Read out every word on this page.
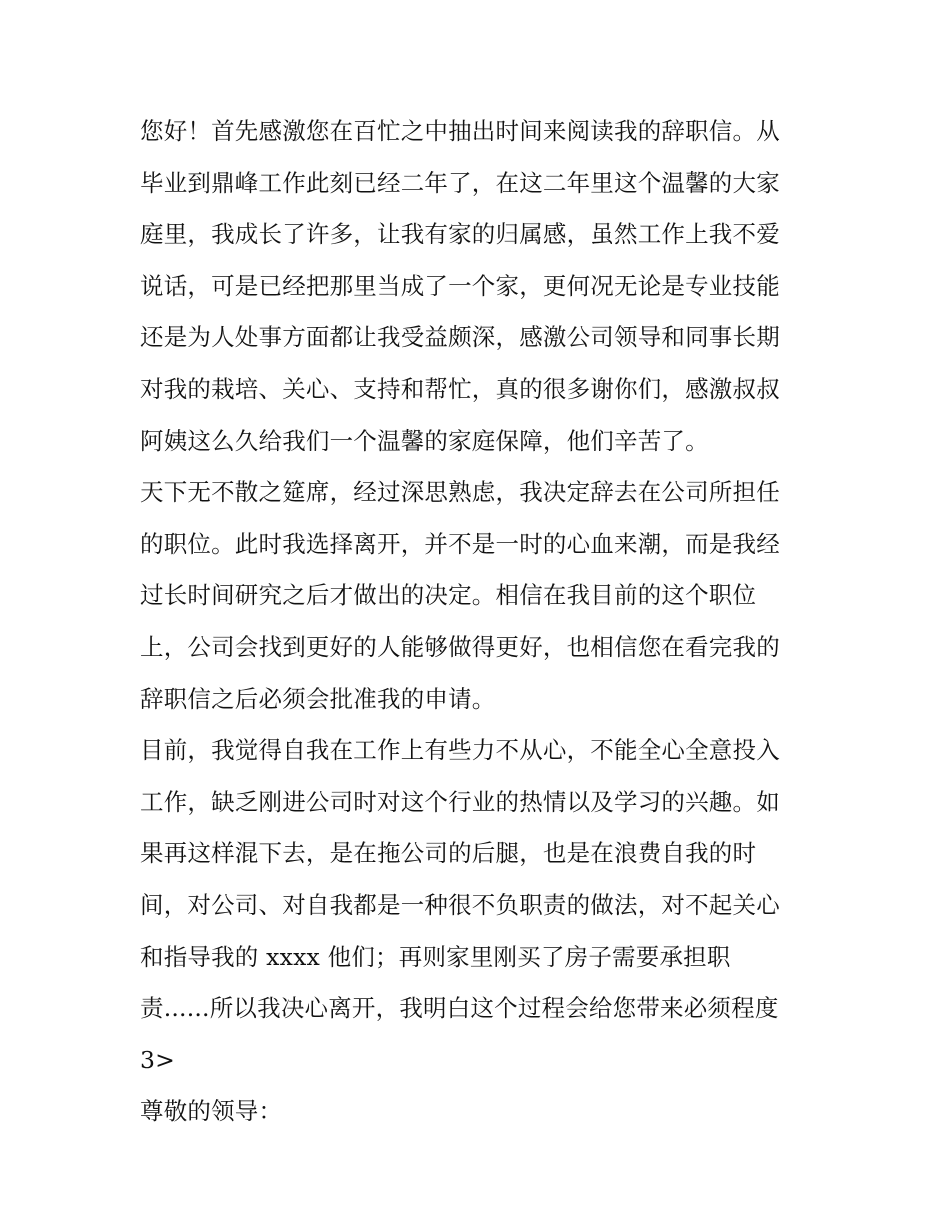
您好！首先感激您在百忙之中抽出时间来阅读我的辞职信。从
毕业到鼎峰工作此刻已经二年了，在这二年里这个温馨的大家
庭里，我成长了许多，让我有家的归属感，虽然工作上我不爱
说话，可是已经把那里当成了一个家，更何况无论是专业技能
还是为人处事方面都让我受益颇深，感激公司领导和同事长期
对我的栽培、关心、支持和帮忙，真的很多谢你们，感激叔叔
阿姨这么久给我们一个温馨的家庭保障，他们辛苦了。
天下无不散之筵席，经过深思熟虑，我决定辞去在公司所担任
的职位。此时我选择离开，并不是一时的心血来潮，而是我经
过长时间研究之后才做出的决定。相信在我目前的这个职位
上，公司会找到更好的人能够做得更好，也相信您在看完我的
辞职信之后必须会批准我的申请。
目前，我觉得自我在工作上有些力不从心，不能全心全意投入
工作，缺乏刚进公司时对这个行业的热情以及学习的兴趣。如
果再这样混下去，是在拖公司的后腿，也是在浪费自我的时
间，对公司、对自我都是一种很不负职责的做法，对不起关心
和指导我的 xxxx 他们；再则家里刚买了房子需要承担职
责......所以我决心离开，我明白这个过程会给您带来必须程度
3>
尊敬的领导：
